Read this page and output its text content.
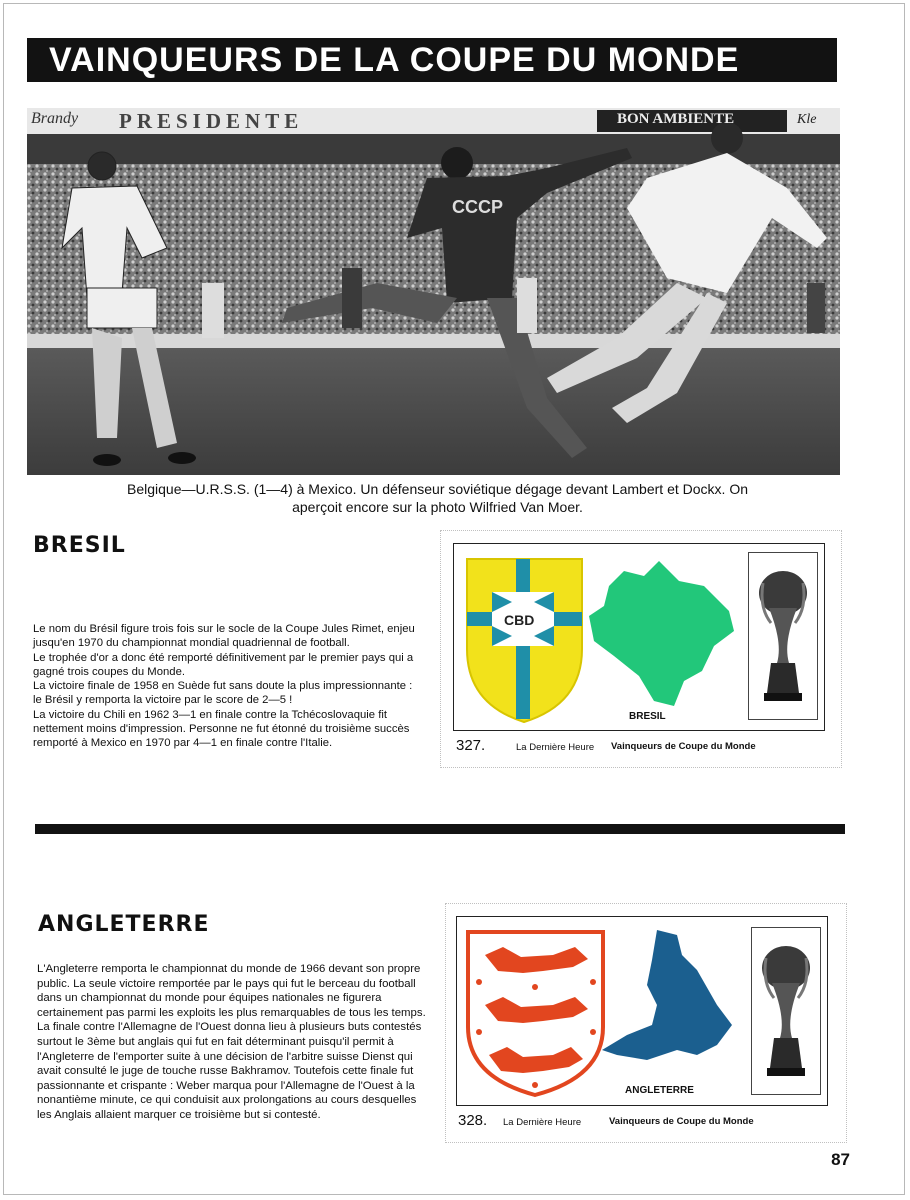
VAINQUEURS DE LA COUPE DU MONDE
CCCP
Brandy PRESIDENTE	BON AMBIENTE	Kle
Belgique—U.R.S.S. (1—4) à Mexico. Un défenseur soviétique dégage devant Lambert et Dockx. On
aperçoit encore sur la photo Wilfried Van Moer.
BRESIL
Le nom du Brésil figure trois fois sur le socle de la Coupe Jules Rimet, enjeu jusqu'en 1970 du championnat mondial quadriennal de football.
Le trophée d'or a donc été remporté définitivement par le premier pays qui a gagné trois coupes du Monde.
La victoire finale de 1958 en Suède fut sans doute la plus impressionnante : le Brésil y remporta la victoire par le score de 2—5 !
La victoire du Chili en 1962 3—1 en finale contre la Tchécoslovaquie fit nettement moins d'impression. Personne ne fut étonné du troisième succès remporté à Mexico en 1970 par 4—1 en finale contre l'Italie.
CBD
BRESIL
327.	La Dernière Heure Vainqueurs de Coupe du Monde
ANGLETERRE
L'Angleterre remporta le championnat du monde de 1966 devant son propre public. La seule victoire remportée par le pays qui fut le berceau du football dans un championnat du monde pour équipes nationales ne figurera certainement pas parmi les exploits les plus remarquables de tous les temps. La finale contre l'Allemagne de l'Ouest donna lieu à plusieurs buts contestés surtout le 3ème but anglais qui fut en fait déterminant puisqu'il permit à l'Angleterre de l'emporter suite à une décision de l'arbitre suisse Dienst qui avait consulté le juge de touche russe Bakhramov. Toutefois cette finale fut passionnante et crispante : Weber marqua pour l'Allemagne de l'Ouest à la nonantième minute, ce qui conduisit aux prolongations au cours desquelles les Anglais allaient marquer ce troisième but si contesté.
ANGLETERRE
328. La Dernière Heure	Vainqueurs de Coupe du Monde
87
